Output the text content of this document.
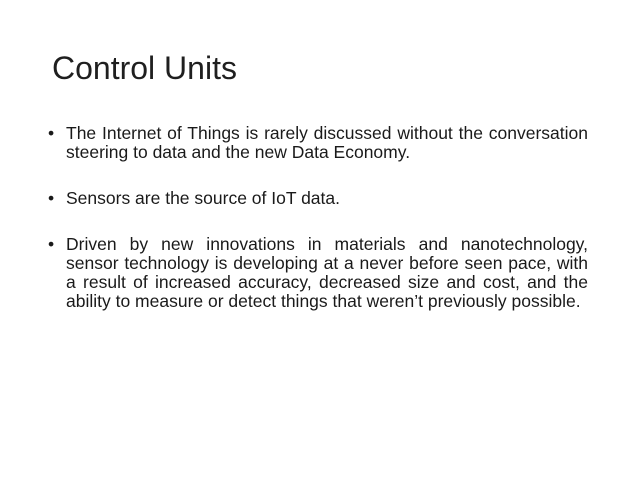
Control Units
• The Internet of Things is rarely discussed without the conversation steering to data and the new Data Economy.
• Sensors are the source of IoT data.
• Driven by new innovations in materials and nanotechnology, sensor technology is developing at a never before seen pace, with a result of increased accuracy, decreased size and cost, and the ability to measure or detect things that weren’t previously possible.
